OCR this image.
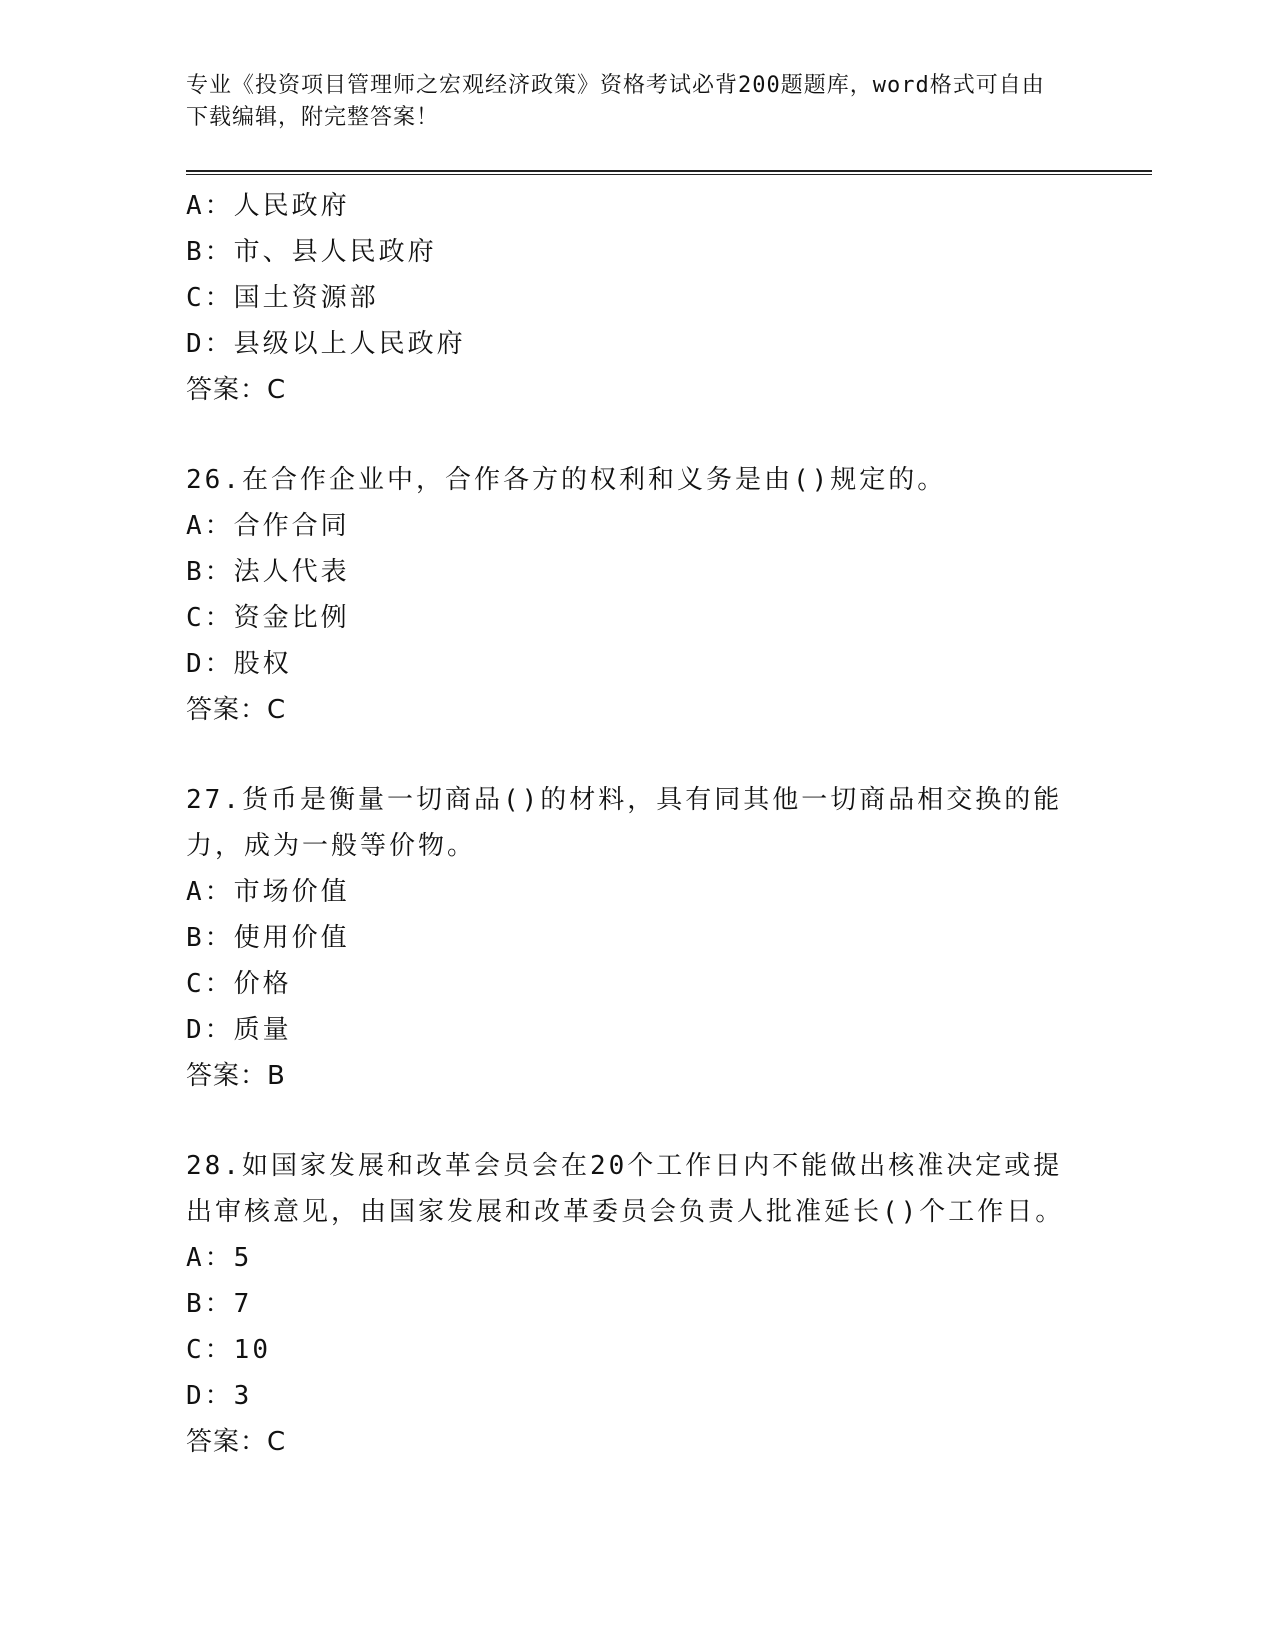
专业《投资项目管理师之宏观经济政策》资格考试必背200题题库，word格式可自由下载编辑，附完整答案！
A：人民政府
B：市、县人民政府
C：国土资源部
D：县级以上人民政府
答案：C
26.在合作企业中，合作各方的权利和义务是由()规定的。
A：合作合同
B：法人代表
C：资金比例
D：股权
答案：C
27.货币是衡量一切商品()的材料，具有同其他一切商品相交换的能力，成为一般等价物。
A：市场价值
B：使用价值
C：价格
D：质量
答案：B
28.如国家发展和改革会员会在20个工作日内不能做出核准决定或提出审核意见，由国家发展和改革委员会负责人批准延长()个工作日。
A：5
B：7
C：10
D：3
答案：C
